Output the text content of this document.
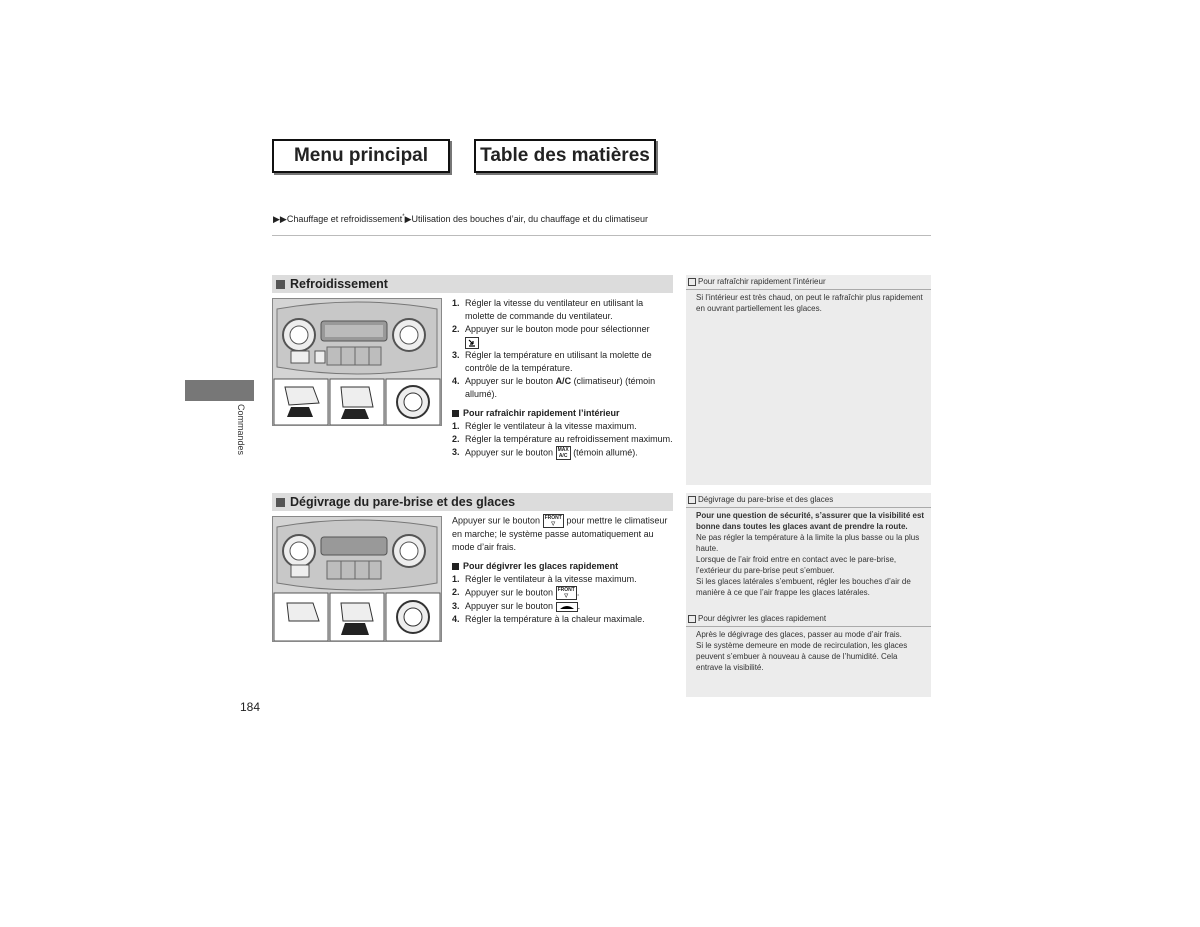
Menu principal	Table des matières
▶▶Chauffage et refroidissement*▶Utilisation des bouches d’air, du chauffage et du climatiseur
Commandes
Refroidissement
1. Régler la vitesse du ventilateur en utilisant la molette de commande du ventilateur.
2. Appuyer sur le bouton mode pour sélectionner

3. Régler la température en utilisant la molette de contrôle de la température.
4. Appuyer sur le bouton A/C (climatiseur) (témoin allumé).
Pour rafraîchir rapidement l’intérieur
1. Régler le ventilateur à la vitesse maximum.
2. Régler la température au refroidissement maximum.
3. Appuyer sur le bouton MAX
A/C (témoin allumé).
Pour rafraîchir rapidement l’intérieur
Si l’intérieur est très chaud, on peut le rafraîchir plus rapidement en ouvrant partiellement les glaces.
Dégivrage du pare-brise et des glaces
Appuyer sur le bouton FRONT
▽ pour mettre le climatiseur en marche; le système passe automatiquement au mode d’air frais.
Pour dégivrer les glaces rapidement
1. Régler le ventilateur à la vitesse maximum.
2. Appuyer sur le bouton FRONT
▽ .
3. Appuyer sur le bouton	.
4. Régler la température à la chaleur maximale.
Dégivrage du pare-brise et des glaces
Pour une question de sécurité, s’assurer que la visibilité est bonne dans toutes les glaces avant de prendre la route.
Ne pas régler la température à la limite la plus basse ou la plus haute.
Lorsque de l’air froid entre en contact avec le pare-brise, l’extérieur du pare-brise peut s’embuer.
Si les glaces latérales s’embuent, régler les bouches d’air de manière à ce que l’air frappe les glaces latérales.
Pour dégivrer les glaces rapidement
Après le dégivrage des glaces, passer au mode d’air frais.
Si le système demeure en mode de recirculation, les glaces peuvent s’embuer à nouveau à cause de l’humidité. Cela entrave la visibilité.
184
